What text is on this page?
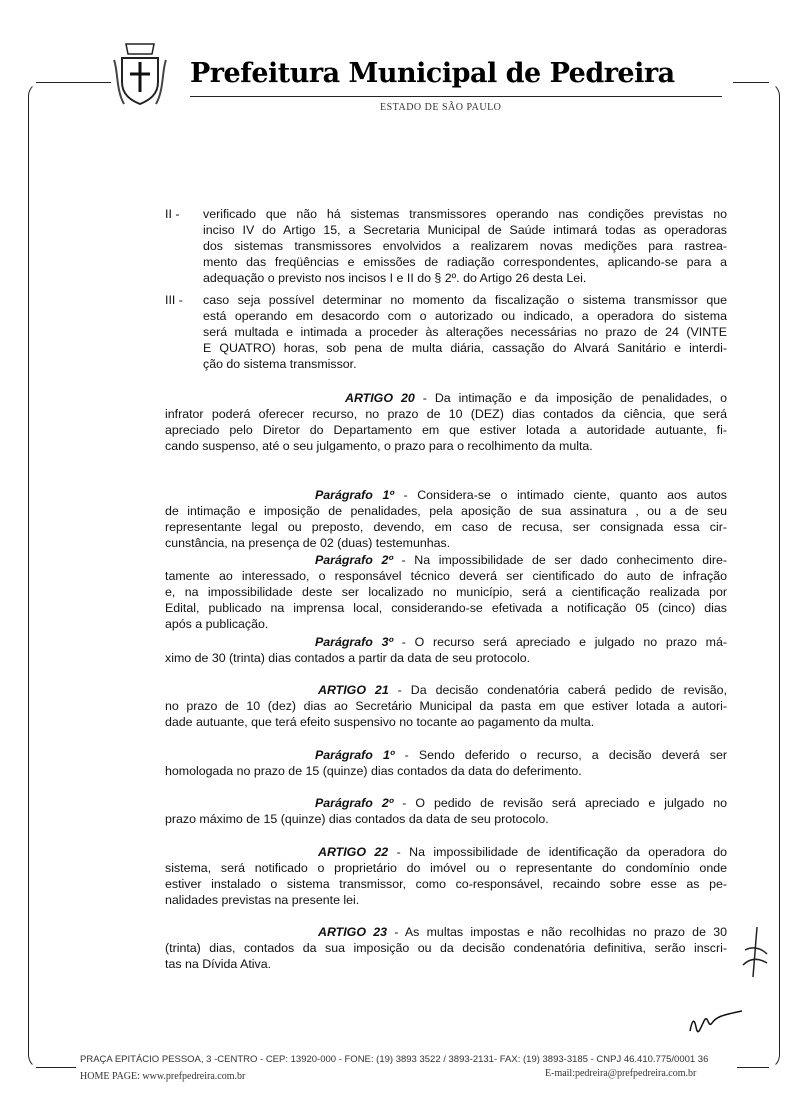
Prefeitura Municipal de Pedreira
ESTADO DE SÃO PAULO
II -	verificado que não há sistemas transmissores operando nas condições previstas no
inciso IV do Artigo 15, a Secretaria Municipal de Saúde intimará todas as operadoras
dos sistemas transmissores envolvidos a realizarem novas medições para rastrea-
mento das freqüências e emissões de radiação correspondentes, aplicando-se para a
adequação o previsto nos incisos I e II do § 2º. do Artigo 26 desta Lei.
III -	caso seja possível determinar no momento da fiscalização o sistema transmissor que
está operando em desacordo com o autorizado ou indicado, a operadora do sistema
será multada e intimada a proceder às alterações necessárias no prazo de 24 (VINTE
E QUATRO) horas, sob pena de multa diária, cassação do Alvará Sanitário e interdi-
ção do sistema transmissor.
ARTIGO 20 - Da intimação e da imposição de penalidades, o
infrator poderá oferecer recurso, no prazo de 10 (DEZ) dias contados da ciência, que será
apreciado pelo Diretor do Departamento em que estiver lotada a autoridade autuante, fi-
cando suspenso, até o seu julgamento, o prazo para o recolhimento da multa.
Parágrafo 1º - Considera-se o intimado ciente, quanto aos autos
de intimação e imposição de penalidades, pela aposição de sua assinatura , ou a de seu
representante legal ou preposto, devendo, em caso de recusa, ser consignada essa cir-
cunstância, na presença de 02 (duas) testemunhas.
Parágrafo 2º - Na impossibilidade de ser dado conhecimento dire-
tamente ao interessado, o responsável técnico deverá ser cientificado do auto de infração
e, na impossibilidade deste ser localizado no município, será a cientificação realizada por
Edital, publicado na imprensa local, considerando-se efetivada a notificação 05 (cinco) dias
após a publicação.
Parágrafo 3º - O recurso será apreciado e julgado no prazo má-
ximo de 30 (trinta) dias contados a partir da data de seu protocolo.
ARTIGO 21 - Da decisão condenatória caberá pedido de revisão,
no prazo de 10 (dez) dias ao Secretário Municipal da pasta em que estiver lotada a autori-
dade autuante, que terá efeito suspensivo no tocante ao pagamento da multa.
Parágrafo 1º - Sendo deferido o recurso, a decisão deverá ser
homologada no prazo de 15 (quinze) dias contados da data do deferimento.
Parágrafo 2º - O pedido de revisão será apreciado e julgado no
prazo máximo de 15 (quinze) dias contados da data de seu protocolo.
ARTIGO 22 - Na impossibilidade de identificação da operadora do
sistema, será notificado o proprietário do imóvel ou o representante do condomínio onde
estiver instalado o sistema transmissor, como co-responsável, recaindo sobre esse as pe-
nalidades previstas na presente lei.
ARTIGO 23 - As multas impostas e não recolhidas no prazo de 30
(trinta) dias, contados da sua imposição ou da decisão condenatória definitiva, serão inscri-
tas na Dívida Ativa.
PRAÇA EPITÁCIO PESSOA, 3 -CENTRO - CEP: 13920-000 - FONE: (19) 3893 3522 / 3893-2131- FAX: (19) 3893-3185 - CNPJ 46.410.775/0001 36
HOME PAGE: www.prefpedreira.com.br	E-mail:pedreira@prefpedreira.com.br
